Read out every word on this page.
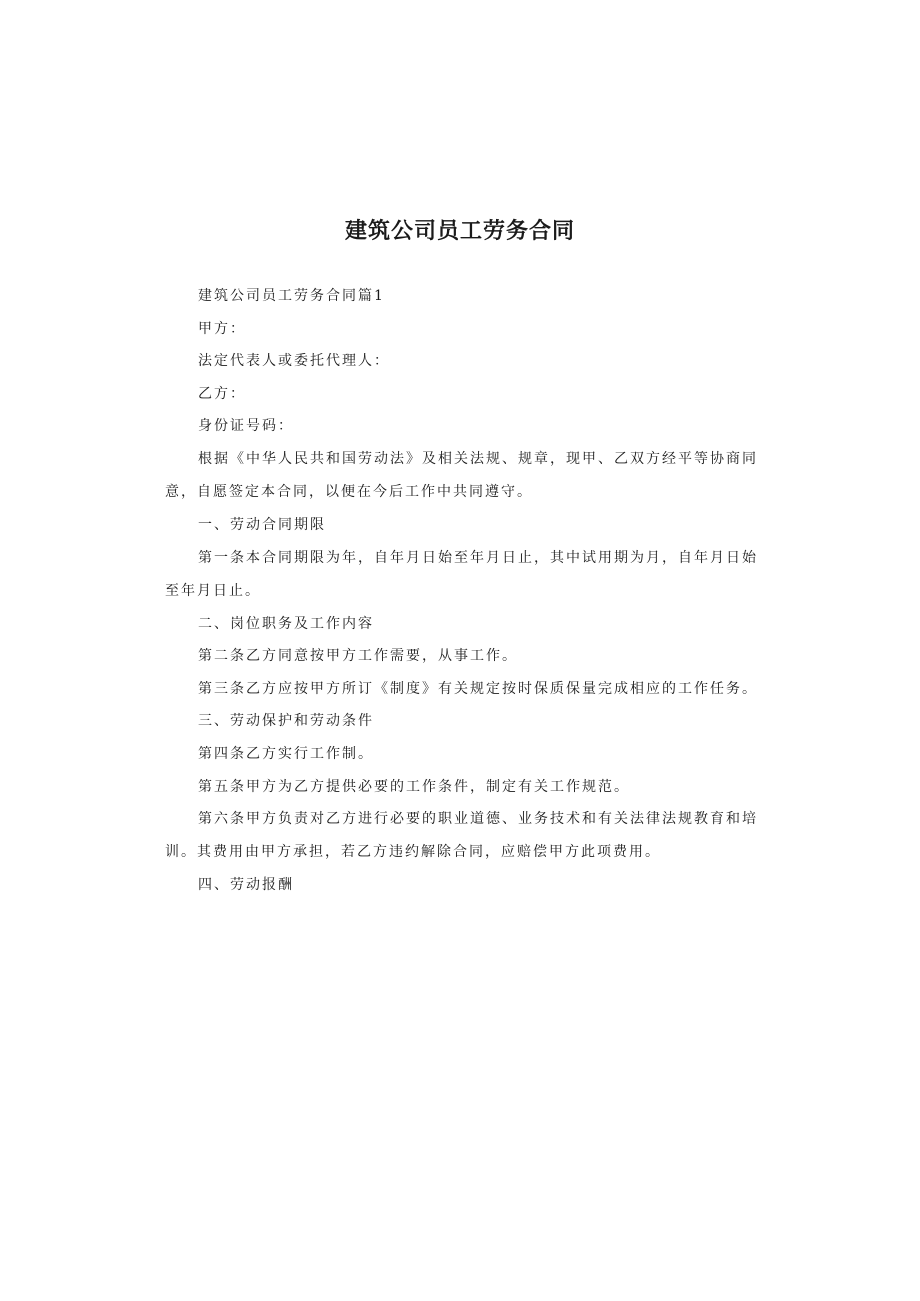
建筑公司员工劳务合同

建筑公司员工劳务合同篇1

甲方：

法定代表人或委托代理人：

乙方：

身份证号码：

根据《中华人民共和国劳动法》及相关法规、规章，现甲、乙双方经平等协商同意，自愿签定本合同，以便在今后工作中共同遵守。

一、劳动合同期限

第一条本合同期限为年，自年月日始至年月日止，其中试用期为月，自年月日始至年月日止。

二、岗位职务及工作内容

第二条乙方同意按甲方工作需要，从事工作。

第三条乙方应按甲方所订《制度》有关规定按时保质保量完成相应的工作任务。

三、劳动保护和劳动条件

第四条乙方实行工作制。

第五条甲方为乙方提供必要的工作条件，制定有关工作规范。

第六条甲方负责对乙方进行必要的职业道德、业务技术和有关法律法规教育和培训。其费用由甲方承担，若乙方违约解除合同，应赔偿甲方此项费用。

四、劳动报酬
